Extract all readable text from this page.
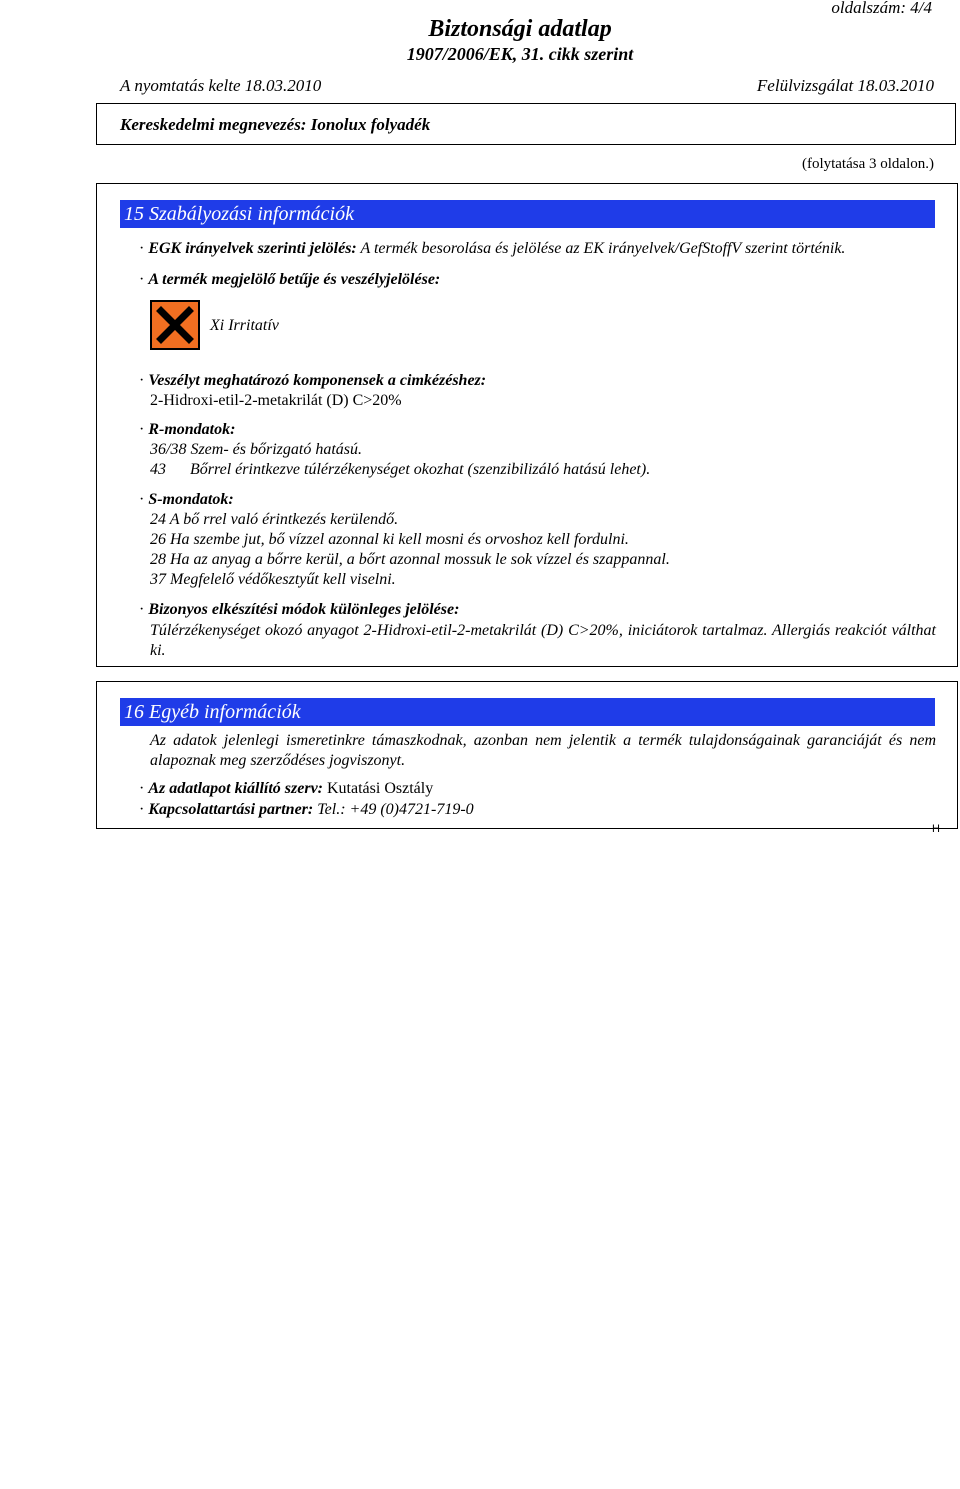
oldalszám: 4/4
Biztonsági adatlap
1907/2006/EK, 31. cikk szerint
A nyomtatás kelte 18.03.2010	Felülvizsgálat 18.03.2010
Kereskedelmi megnevezés: Ionolux folyadék
(folytatása 3 oldalon.)
15 Szabályozási információk
· EGK irányelvek szerinti jelölés: A termék besorolása és jelölése az EK irányelvek/GefStoffV szerint történik.
· A termék megjelölő betűje és veszélyjelölése:
Xi Irritatív
· Veszélyt meghatározó komponensek a cimkézéshez:
2-Hidroxi-etil-2-metakrilát (D) C>20%
· R-mondatok:
36/38 Szem- és bőrizgató hatású.
43      Bőrrel érintkezve túlérzékenységet okozhat (szenzibilizáló hatású lehet).
· S-mondatok:
24 A bő rrel való érintkezés kerülendő.
26 Ha szembe jut, bő vízzel azonnal ki kell mosni és orvoshoz kell fordulni.
28 Ha az anyag a bőrre kerül, a bőrt azonnal mossuk le sok vízzel és szappannal.
37 Megfelelő védőkesztyűt kell viselni.
· Bizonyos elkészítési módok különleges jelölése:
Túlérzékenységet okozó anyagot 2-Hidroxi-etil-2-metakrilát (D) C>20%, iniciátorok tartalmaz. Allergiás reakciót válthat ki.
16 Egyéb információk
Az adatok jelenlegi ismeretinkre támaszkodnak, azonban nem jelentik a termék tulajdonságainak garanciáját és nem alapoznak meg szerződéses jogviszonyt.
· Az adatlapot kiállító szerv: Kutatási Osztály
· Kapcsolattartási partner: Tel.: +49 (0)4721-719-0
H
